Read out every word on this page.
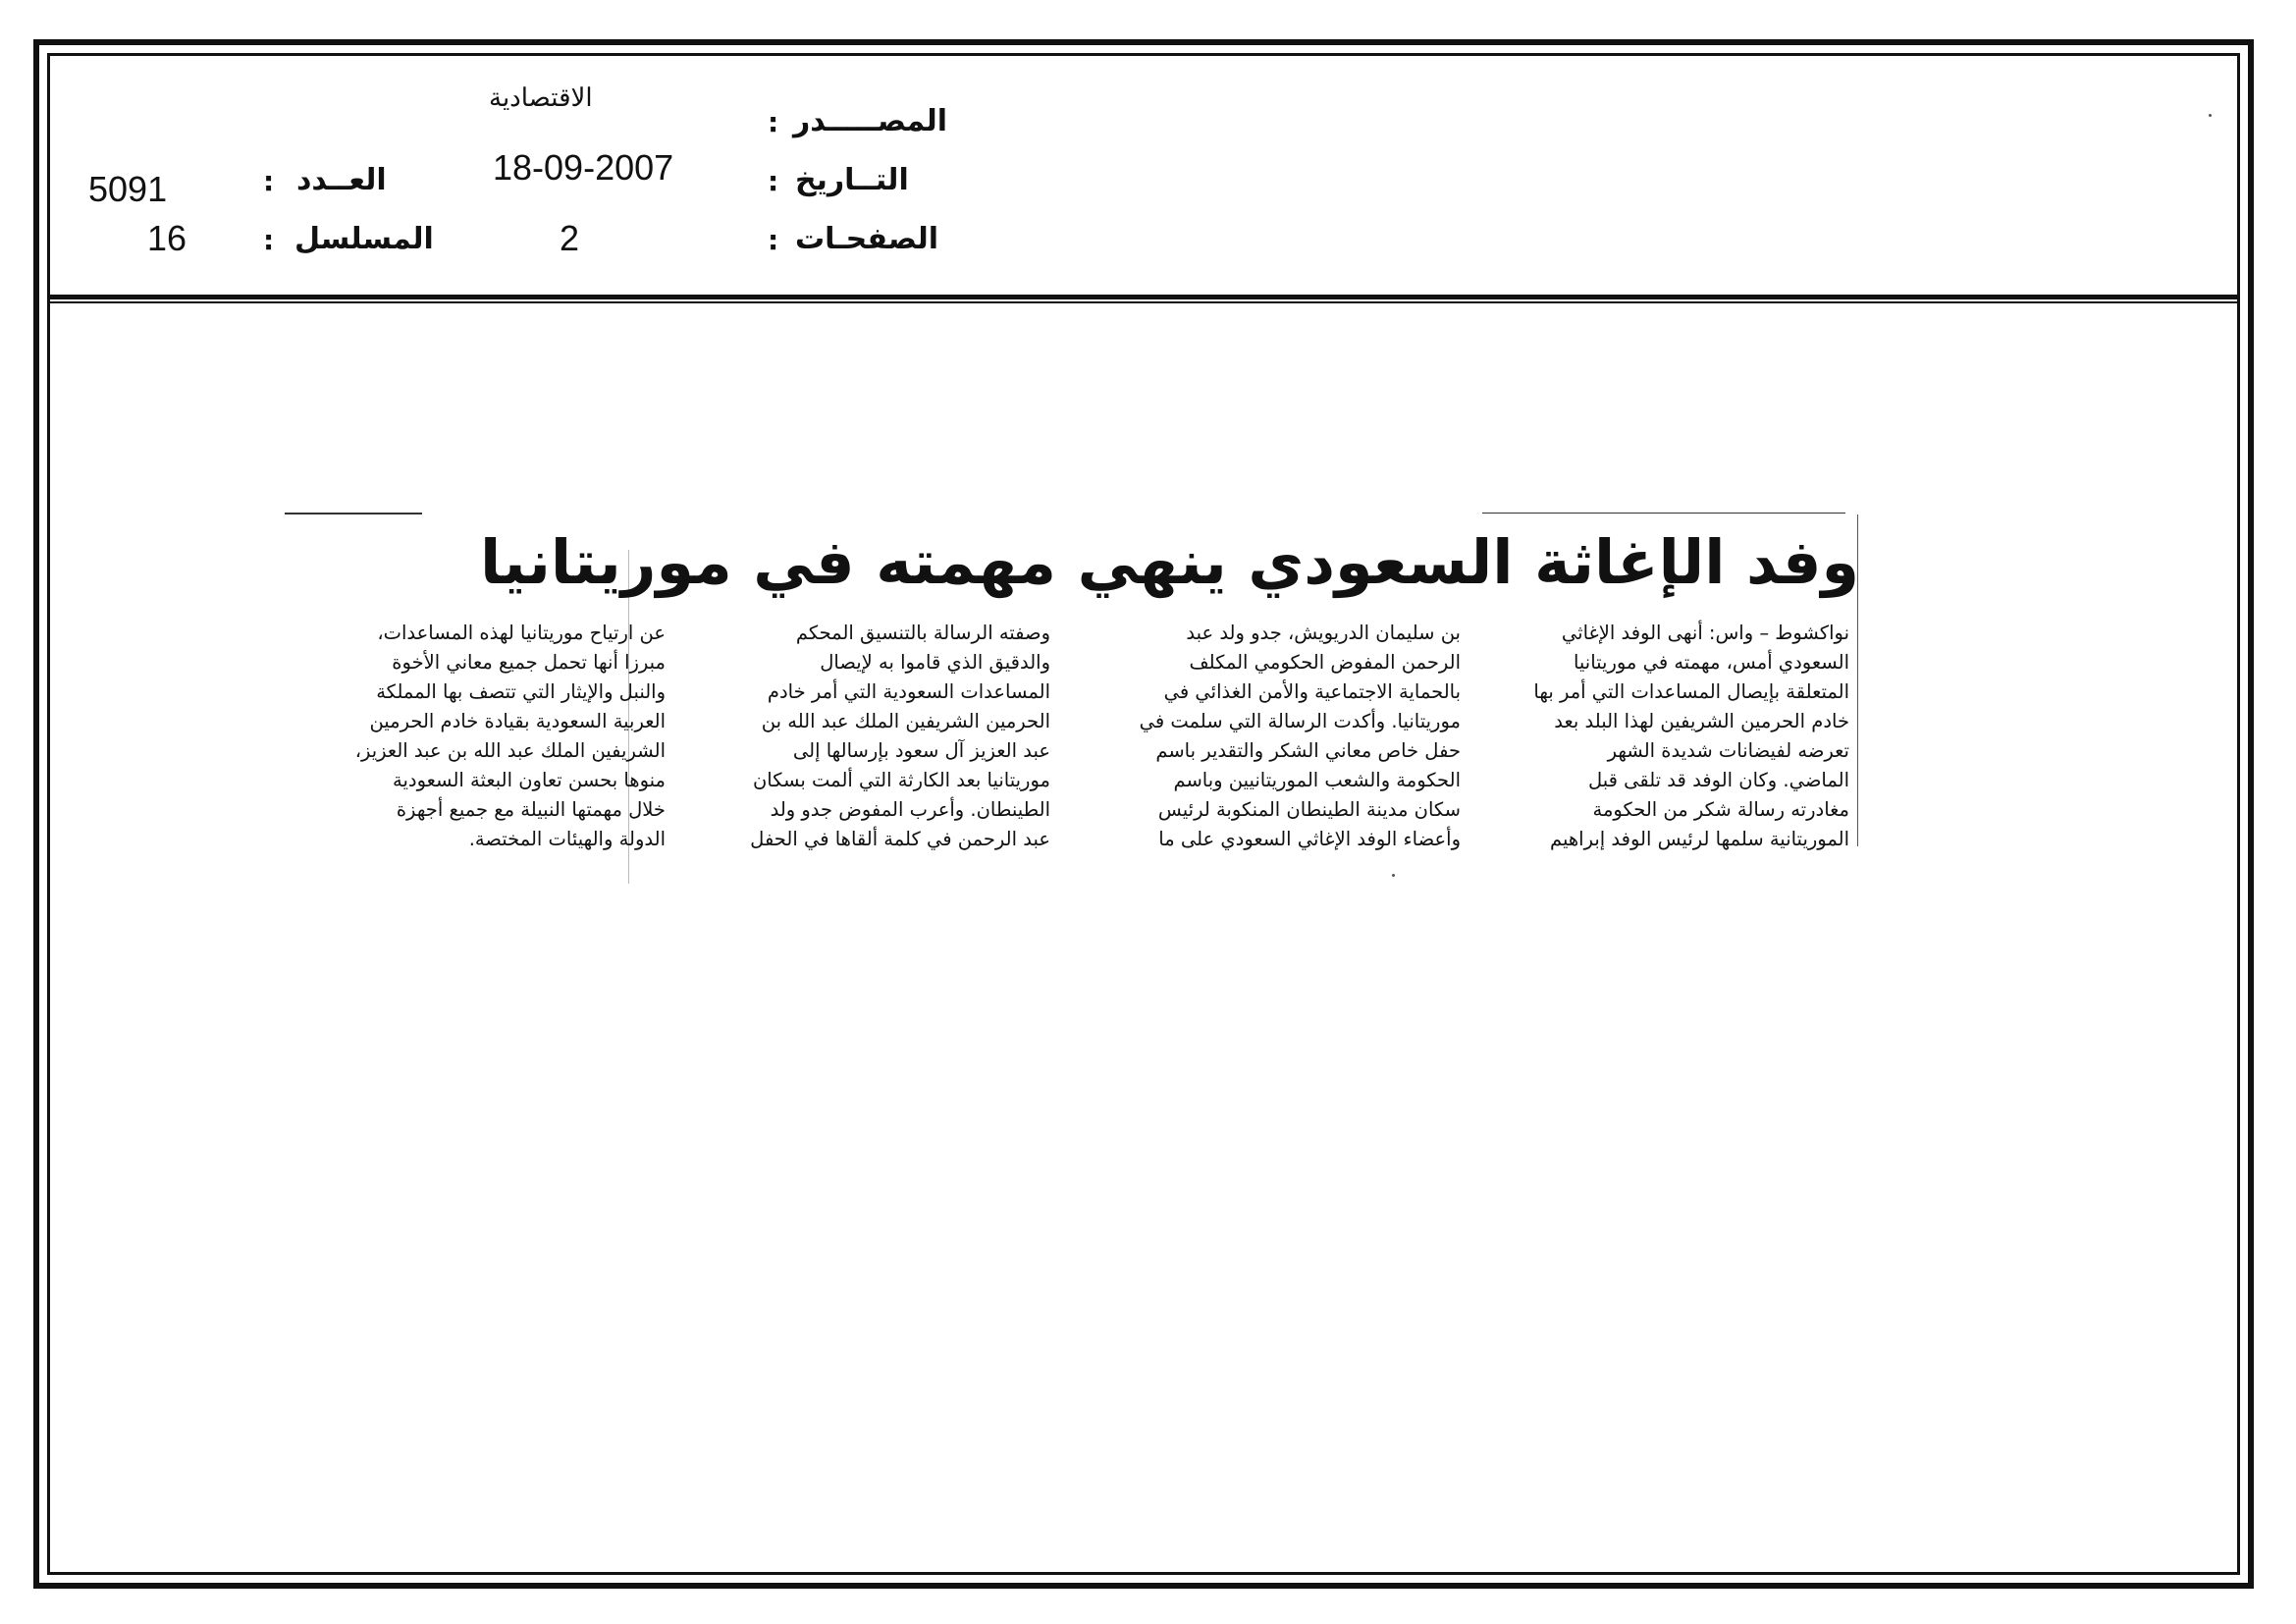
المصـــــدر
:
الاقتصادية
التــاريخ
:
18-09-2007
الصفحـات
:
2
العــدد
:
5091
المسلسل
:
16
وفد الإغاثة السعودي ينهي مهمته في موريتانيا
نواكشوط – واس: أنهى الوفد الإغاثي
السعودي أمس، مهمته في موريتانيا
المتعلقة بإيصال المساعدات التي أمر بها
خادم الحرمين الشريفين لهذا البلد بعد
تعرضه لفيضانات شديدة الشهر
الماضي. وكان الوفد قد تلقى قبل
مغادرته رسالة شكر من الحكومة
الموريتانية سلمها لرئيس الوفد إبراهيم
بن سليمان الدريويش، جدو ولد عبد
الرحمن المفوض الحكومي المكلف
بالحماية الاجتماعية والأمن الغذائي في
موريتانيا. وأكدت الرسالة التي سلمت في
حفل خاص معاني الشكر والتقدير باسم
الحكومة والشعب الموريتانيين وباسم
سكان مدينة الطينطان المنكوبة لرئيس
وأعضاء الوفد الإغاثي السعودي على ما
وصفته الرسالة بالتنسيق المحكم
والدقيق الذي قاموا به لإيصال
المساعدات السعودية التي أمر خادم
الحرمين الشريفين الملك عبد الله بن
عبد العزيز آل سعود بإرسالها إلى
موريتانيا بعد الكارثة التي ألمت بسكان
الطينطان. وأعرب المفوض جدو ولد
عبد الرحمن في كلمة ألقاها في الحفل
عن ارتياح موريتانيا لهذه المساعدات،
مبرزا أنها تحمل جميع معاني الأخوة
والنبل والإيثار التي تتصف بها المملكة
العربية السعودية بقيادة خادم الحرمين
الشريفين الملك عبد الله بن عبد العزيز،
منوها بحسن تعاون البعثة السعودية
خلال مهمتها النبيلة مع جميع أجهزة
الدولة والهيئات المختصة.
